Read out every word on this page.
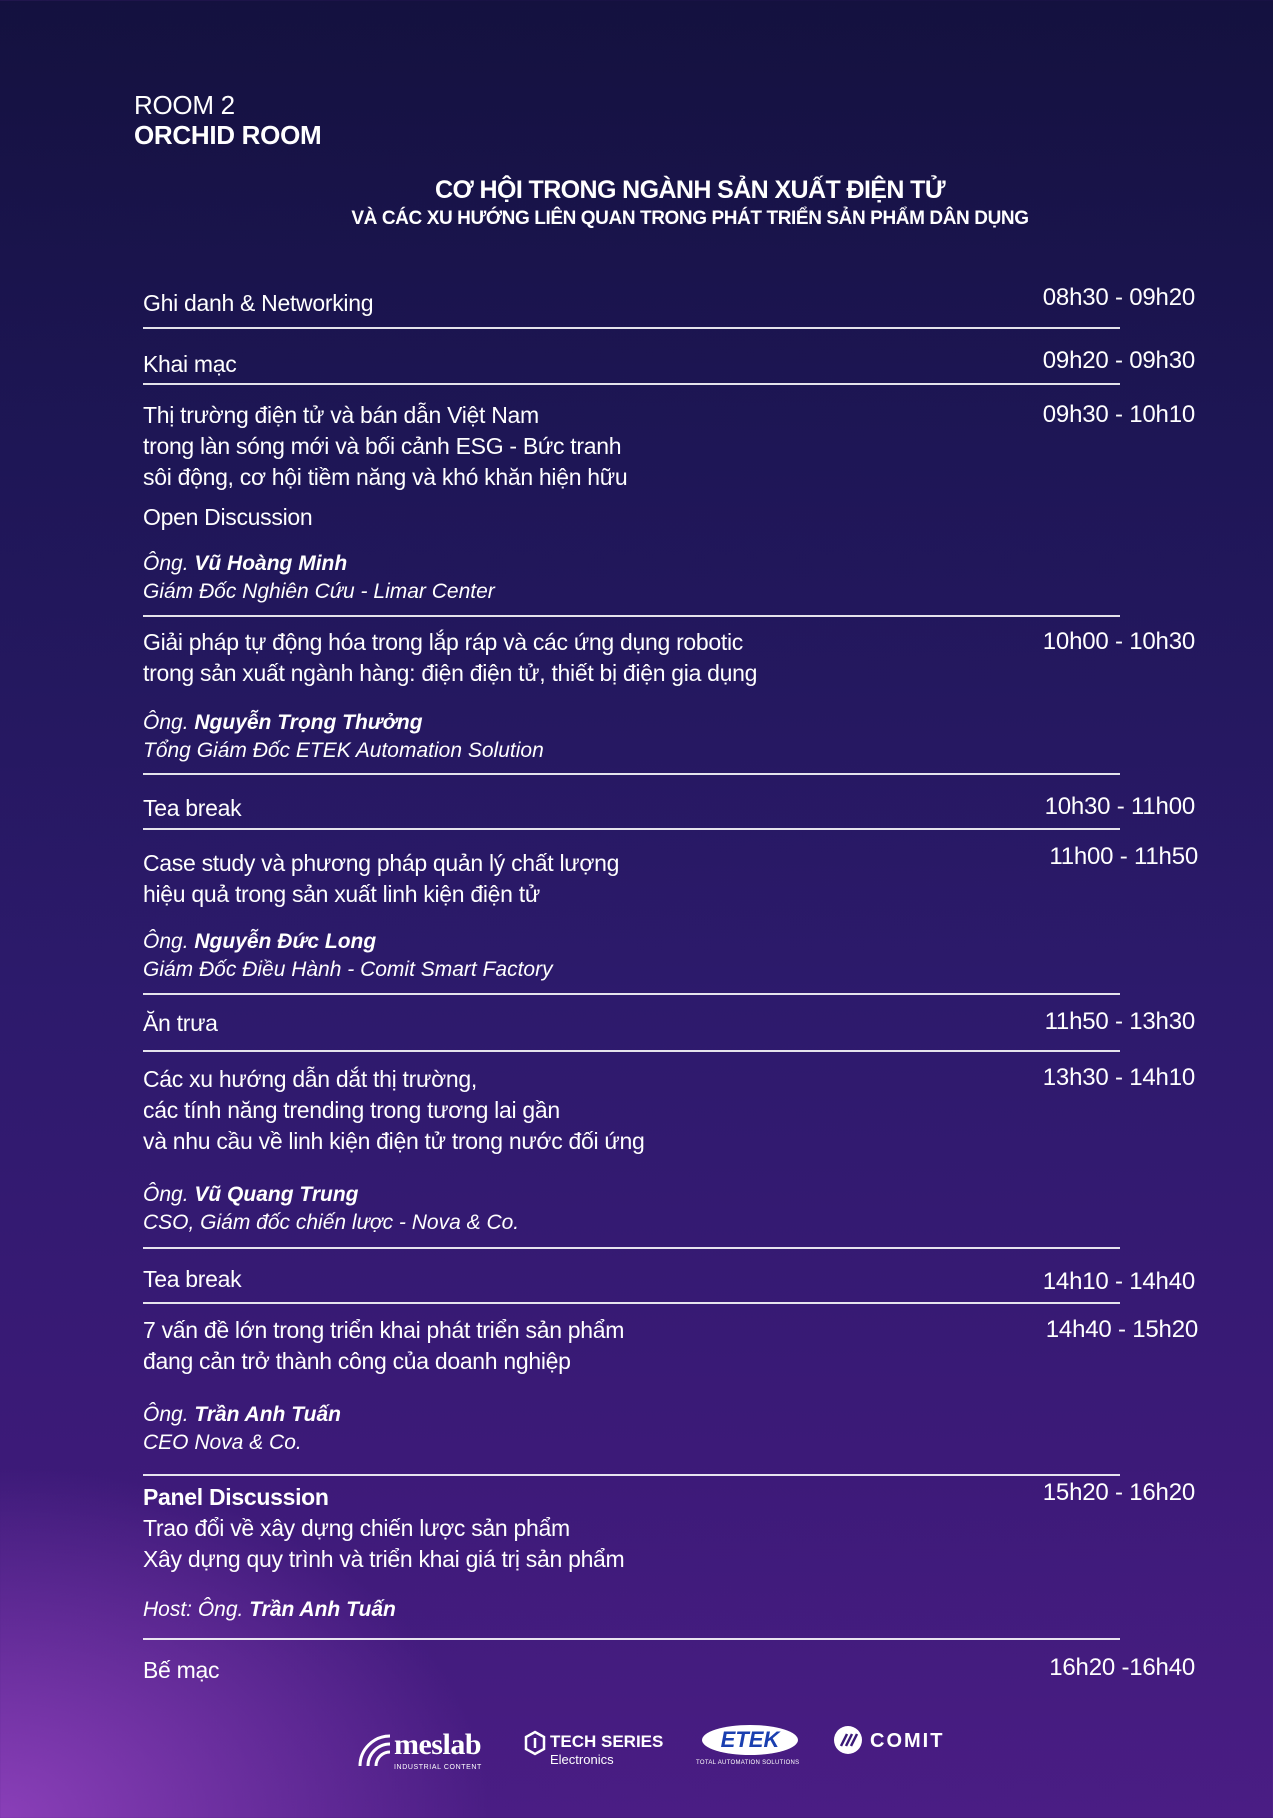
ROOM 2
ORCHID ROOM
CƠ HỘI TRONG NGÀNH SẢN XUẤT ĐIỆN TỬ
VÀ CÁC XU HƯỚNG LIÊN QUAN TRONG PHÁT TRIỂN SẢN PHẨM DÂN DỤNG
Ghi danh & Networking	08h30 - 09h20
Khai mạc	09h20 - 09h30
Thị trường điện tử và bán dẫn Việt Nam
trong làn sóng mới và bối cảnh ESG - Bức tranh
sôi động, cơ hội tiềm năng và khó khăn hiện hữu
Open Discussion
Ông. Vũ Hoàng Minh
Giám Đốc Nghiên Cứu - Limar Center
09h30 - 10h10
Giải pháp tự động hóa trong lắp ráp và các ứng dụng robotic
trong sản xuất ngành hàng: điện điện tử, thiết bị điện gia dụng
Ông. Nguyễn Trọng Thưởng
Tổng Giám Đốc ETEK Automation Solution
10h00 - 10h30
Tea break	10h30 - 11h00
Case study và phương pháp quản lý chất lượng
hiệu quả trong sản xuất linh kiện điện tử
Ông. Nguyễn Đức Long
Giám Đốc Điều Hành - Comit Smart Factory
11h00 - 11h50
Ăn trưa	11h50 - 13h30
Các xu hướng dẫn dắt thị trường,
các tính năng trending trong tương lai gần
và nhu cầu về linh kiện điện tử trong nước đối ứng
Ông. Vũ Quang Trung
CSO, Giám đốc chiến lược - Nova & Co.
13h30 - 14h10
Tea break	14h10 - 14h40
7 vấn đề lớn trong triển khai phát triển sản phẩm
đang cản trở thành công của doanh nghiệp
Ông. Trần Anh Tuấn
CEO Nova & Co.
14h40 - 15h20
Panel Discussion
Trao đổi về xây dựng chiến lược sản phẩm
Xây dựng quy trình và triển khai giá trị sản phẩm
Host: Ông. Trần Anh Tuấn
15h20 - 16h20
Bế mạc	16h20 -16h40
meslab
INDUSTRIAL CONTENT
TECH SERIES
Electronics
ETEK
TOTAL AUTOMATION SOLUTIONS
COMIT
